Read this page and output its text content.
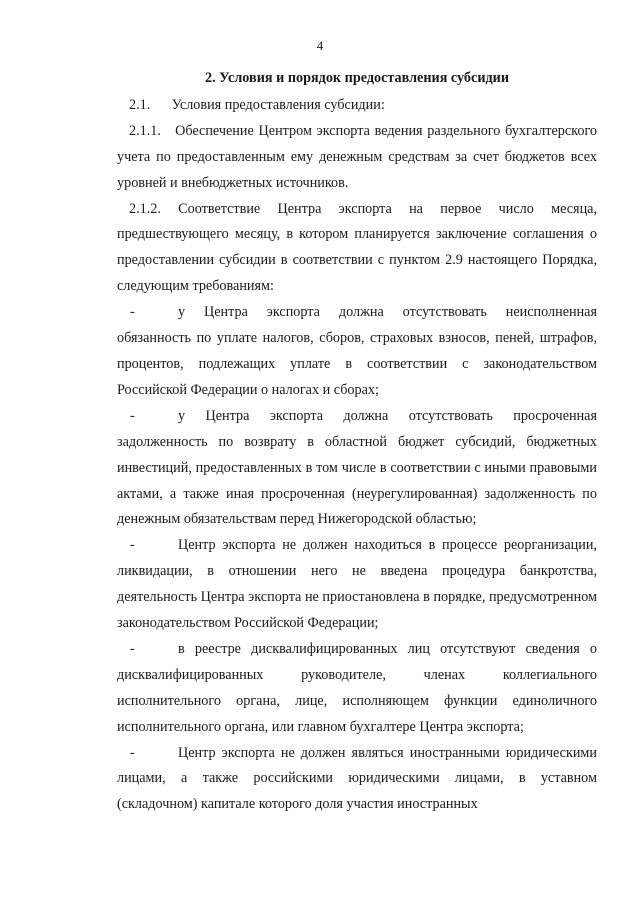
4

2. Условия и порядок предоставления субсидии

2.1.  Условия предоставления субсидии:

2.1.1. Обеспечение Центром экспорта ведения раздельного бухгалтерского учета по предоставленным ему денежным средствам за счет бюджетов всех уровней и внебюджетных источников.

2.1.2. Соответствие Центра экспорта на первое число месяца, предшествующего месяцу, в котором планируется заключение соглашения о предоставлении субсидии в соответствии с пунктом 2.9 настоящего Порядка, следующим требованиям:

-	у Центра экспорта должна отсутствовать неисполненная обязанность по уплате налогов, сборов, страховых взносов, пеней, штрафов, процентов, подлежащих уплате в соответствии с законодательством Российской Федерации о налогах и сборах;

-	у Центра экспорта должна отсутствовать просроченная задолженность по возврату в областной бюджет субсидий, бюджетных инвестиций, предоставленных в том числе в соответствии с иными правовыми актами, а также иная просроченная (неурегулированная) задолженность по денежным обязательствам перед Нижегородской областью;

-	Центр экспорта не должен находиться в процессе реорганизации, ликвидации, в отношении него не введена процедура банкротства, деятельность Центра экспорта не приостановлена в порядке, предусмотренном законодательством Российской Федерации;

-	в реестре дисквалифицированных лиц отсутствуют сведения о дисквалифицированных руководителе, членах коллегиального исполнительного органа, лице, исполняющем функции единоличного исполнительного органа, или главном бухгалтере Центра экспорта;

-	Центр экспорта не должен являться иностранными юридическими лицами, а также российскими юридическими лицами, в уставном (складочном) капитале которого доля участия иностранных
